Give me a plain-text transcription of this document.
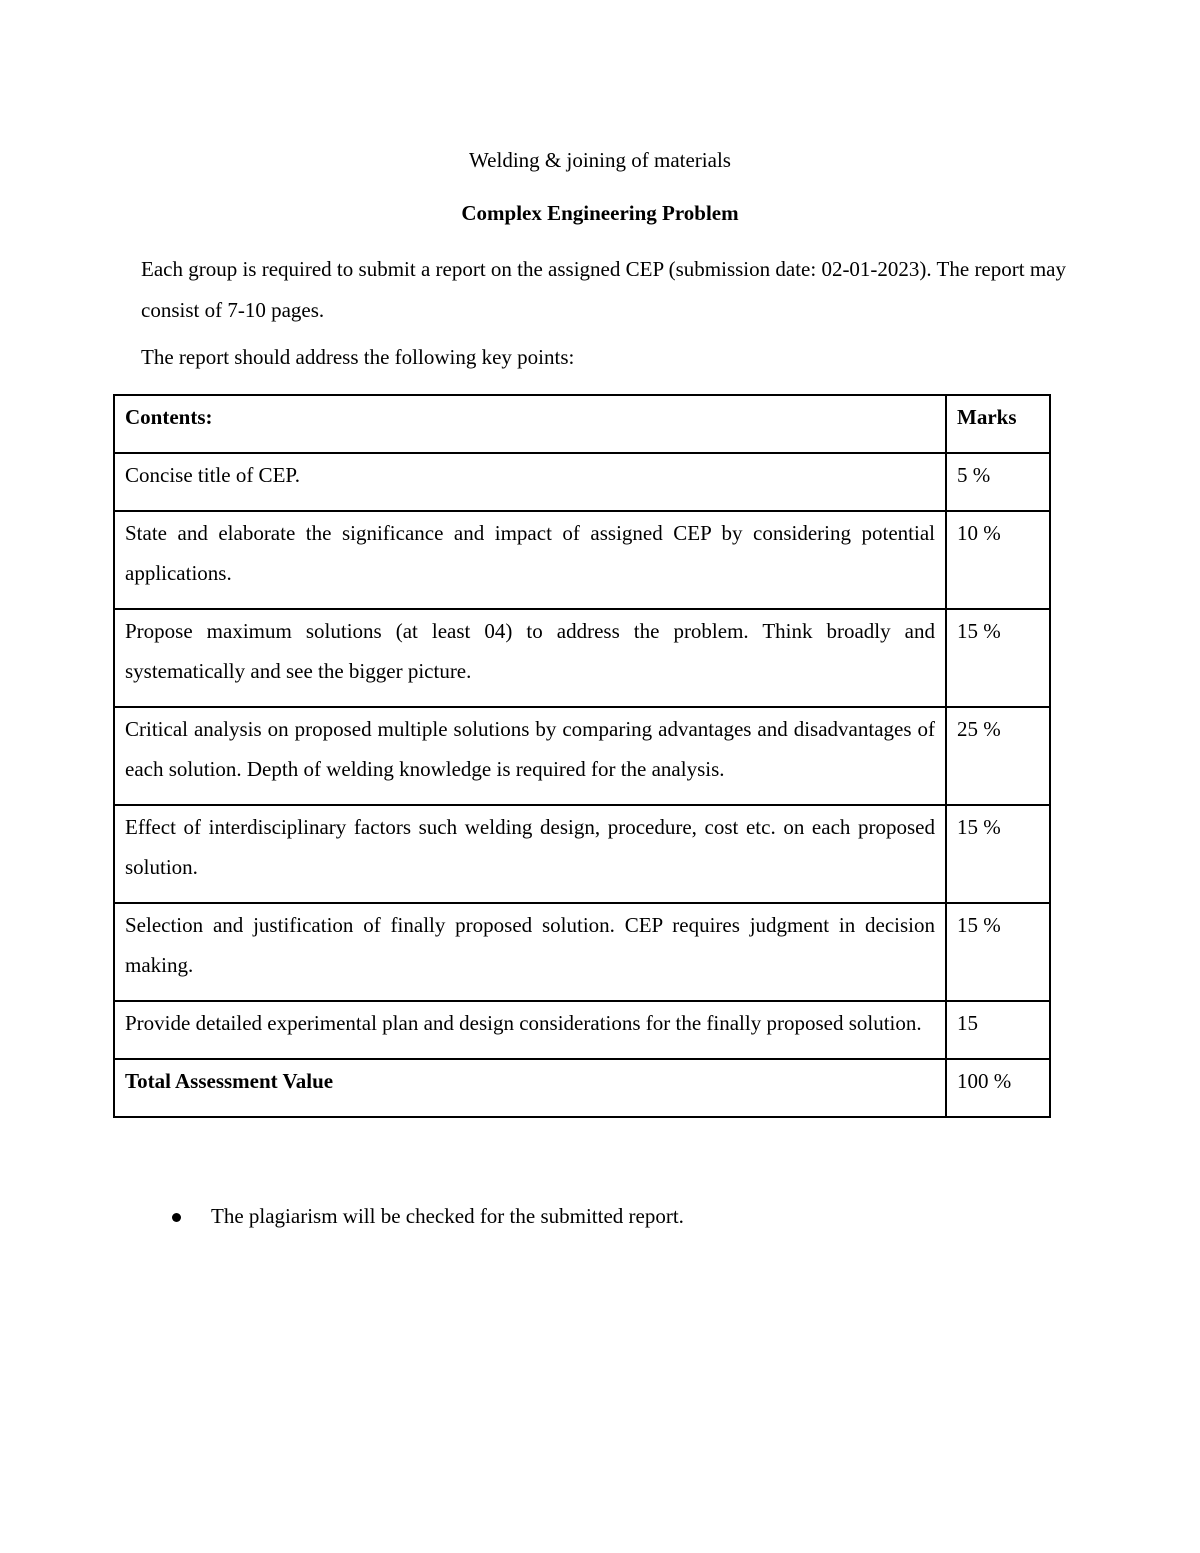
Welding & joining of materials
Complex Engineering Problem

Each group is required to submit a report on the assigned CEP (submission date: 02-01-2023). The report may consist of 7-10 pages.

The report should address the following key points:

Contents:	Marks
Concise title of CEP.	5 %
State and elaborate the significance and impact of assigned CEP by considering potential applications.	10 %
Propose maximum solutions (at least 04) to address the problem. Think broadly and systematically and see the bigger picture.	15 %
Critical analysis on proposed multiple solutions by comparing advantages and disadvantages of each solution. Depth of welding knowledge is required for the analysis.	25 %
Effect of interdisciplinary factors such welding design, procedure, cost etc. on each proposed solution.	15 %
Selection and justification of finally proposed solution. CEP requires judgment in decision making.	15 %
Provide detailed experimental plan and design considerations for the finally proposed solution.	15
Total Assessment Value	100 %
The plagiarism will be checked for the submitted report.
